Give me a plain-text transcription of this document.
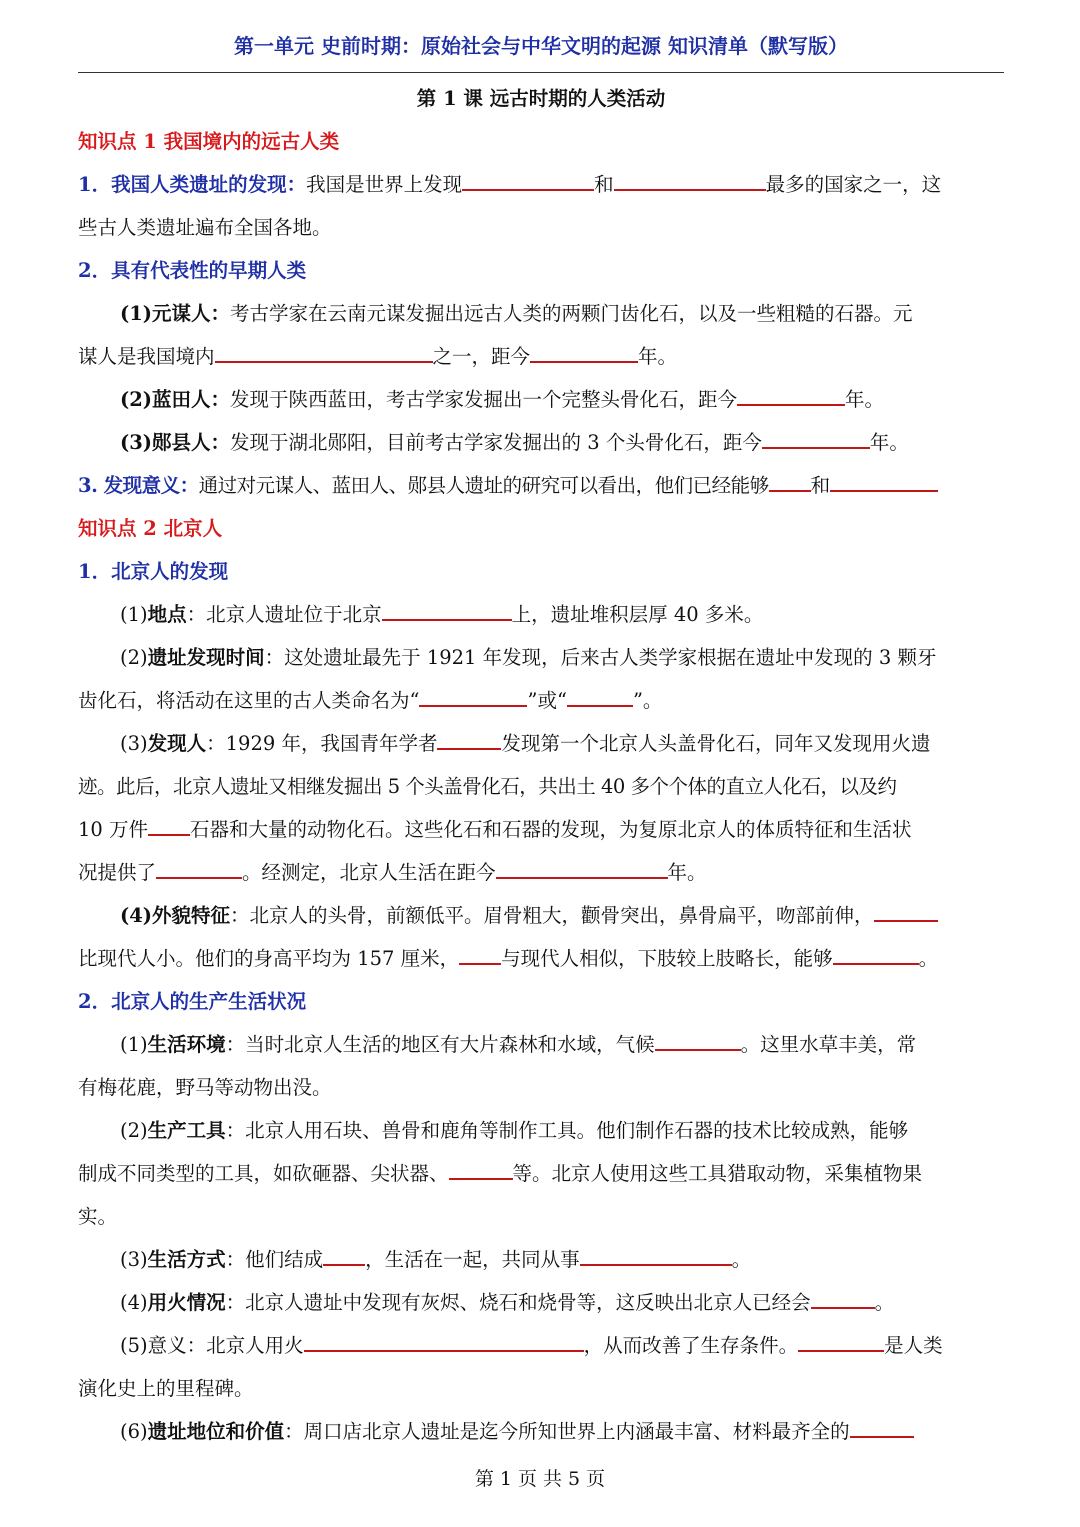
第一单元 史前时期：原始社会与中华文明的起源 知识清单（默写版）
第 1 课 远古时期的人类活动

知识点 1 我国境内的远古人类

1．我国人类遗址的发现：我国是世界上发现	和	最多的国家之一，这

些古人类遗址遍布全国各地。

2．具有代表性的早期人类

(1)元谋人：考古学家在云南元谋发掘出远古人类的两颗门齿化石，以及一些粗糙的石器。元

谋人是我国境内	之一，距今	年。

(2)蓝田人：发现于陕西蓝田，考古学家发掘出一个完整头骨化石，距今	年。

(3)郧县人：发现于湖北郧阳，目前考古学家发掘出的 3 个头骨化石，距今	年。

3. 发现意义：通过对元谋人、蓝田人、郧县人遗址的研究可以看出，他们已经能够 和

知识点 2 北京人

1．北京人的发现

(1)地点：北京人遗址位于北京	上，遗址堆积层厚 40 多米。

(2)遗址发现时间：这处遗址最先于 1921 年发现，后来古人类学家根据在遗址中发现的 3 颗牙

齿化石，将活动在这里的古人类命名为“	”或“	”。

(3)发现人：1929 年，我国青年学者	发现第一个北京人头盖骨化石，同年又发现用火遗

迹。此后，北京人遗址又相继发掘出 5 个头盖骨化石，共出土 40 多个个体的直立人化石，以及约

10 万件 石器和大量的动物化石。这些化石和石器的发现，为复原北京人的体质特征和生活状

况提供了	。经测定，北京人生活在距今	年。

(4)外貌特征：北京人的头骨，前额低平。眉骨粗大，颧骨突出，鼻骨扁平，吻部前伸，

比现代人小。他们的身高平均为 157 厘米， 与现代人相似，下肢较上肢略长，能够	。

2．北京人的生产生活状况

(1)生活环境：当时北京人生活的地区有大片森林和水域，气候	。这里水草丰美，常

有梅花鹿，野马等动物出没。

(2)生产工具：北京人用石块、兽骨和鹿角等制作工具。他们制作石器的技术比较成熟，能够

制成不同类型的工具，如砍砸器、尖状器、	等。北京人使用这些工具猎取动物，采集植物果

实。

(3)生活方式：他们结成 ，生活在一起，共同从事	。

(4)用火情况：北京人遗址中发现有灰烬、烧石和烧骨等，这反映出北京人已经会	。

(5)意义：北京人用火	，从而改善了生存条件。	是人类

演化史上的里程碑。

(6)遗址地位和价值：周口店北京人遗址是迄今所知世界上内涵最丰富、材料最齐全的

第 1 页 共 5 页
